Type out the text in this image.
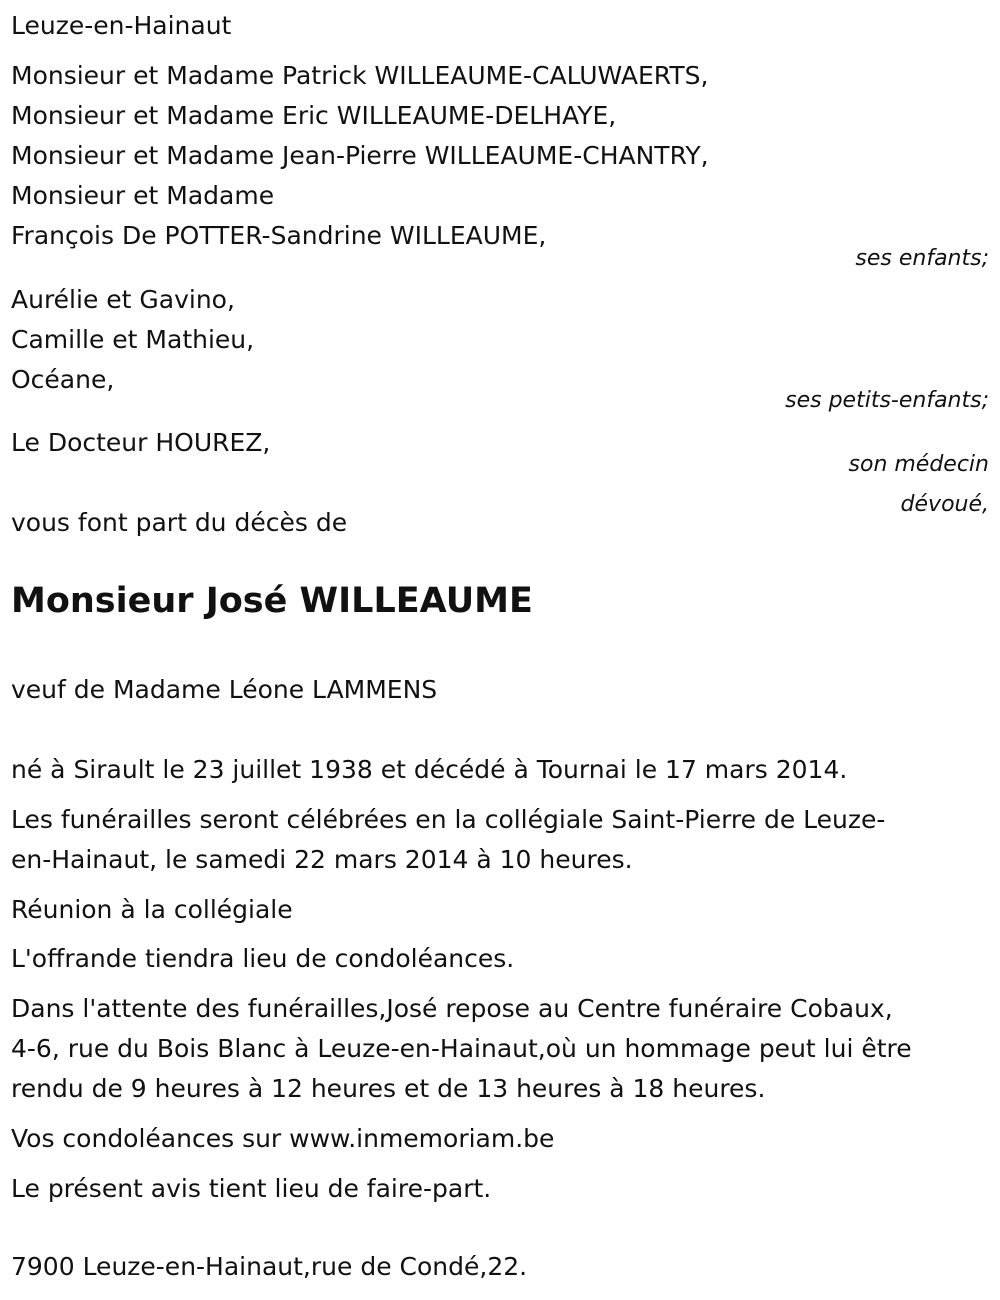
Leuze-en-Hainaut
Monsieur et Madame Patrick WILLEAUME-CALUWAERTS,
Monsieur et Madame Eric WILLEAUME-DELHAYE,
Monsieur et Madame Jean-Pierre WILLEAUME-CHANTRY,
Monsieur et Madame
François De POTTER-Sandrine WILLEAUME,
ses enfants;
Aurélie et Gavino,
Camille et Mathieu,
Océane,
ses petits-enfants;
Le Docteur HOUREZ,
son médecin
dévoué,
vous font part du décès de
Monsieur José WILLEAUME
veuf de Madame Léone LAMMENS
né à Sirault le 23 juillet 1938 et décédé à Tournai le 17 mars 2014.
Les funérailles seront célébrées en la collégiale Saint-Pierre de Leuze-
en-Hainaut, le samedi 22 mars 2014 à 10 heures.
Réunion à la collégiale
L'offrande tiendra lieu de condoléances.
Dans l'attente des funérailles,José repose au Centre funéraire Cobaux,
4-6, rue du Bois Blanc à Leuze-en-Hainaut,où un hommage peut lui être
rendu de 9 heures à 12 heures et de 13 heures à 18 heures.
Vos condoléances sur www.inmemoriam.be
Le présent avis tient lieu de faire-part.
7900 Leuze-en-Hainaut,rue de Condé,22.
